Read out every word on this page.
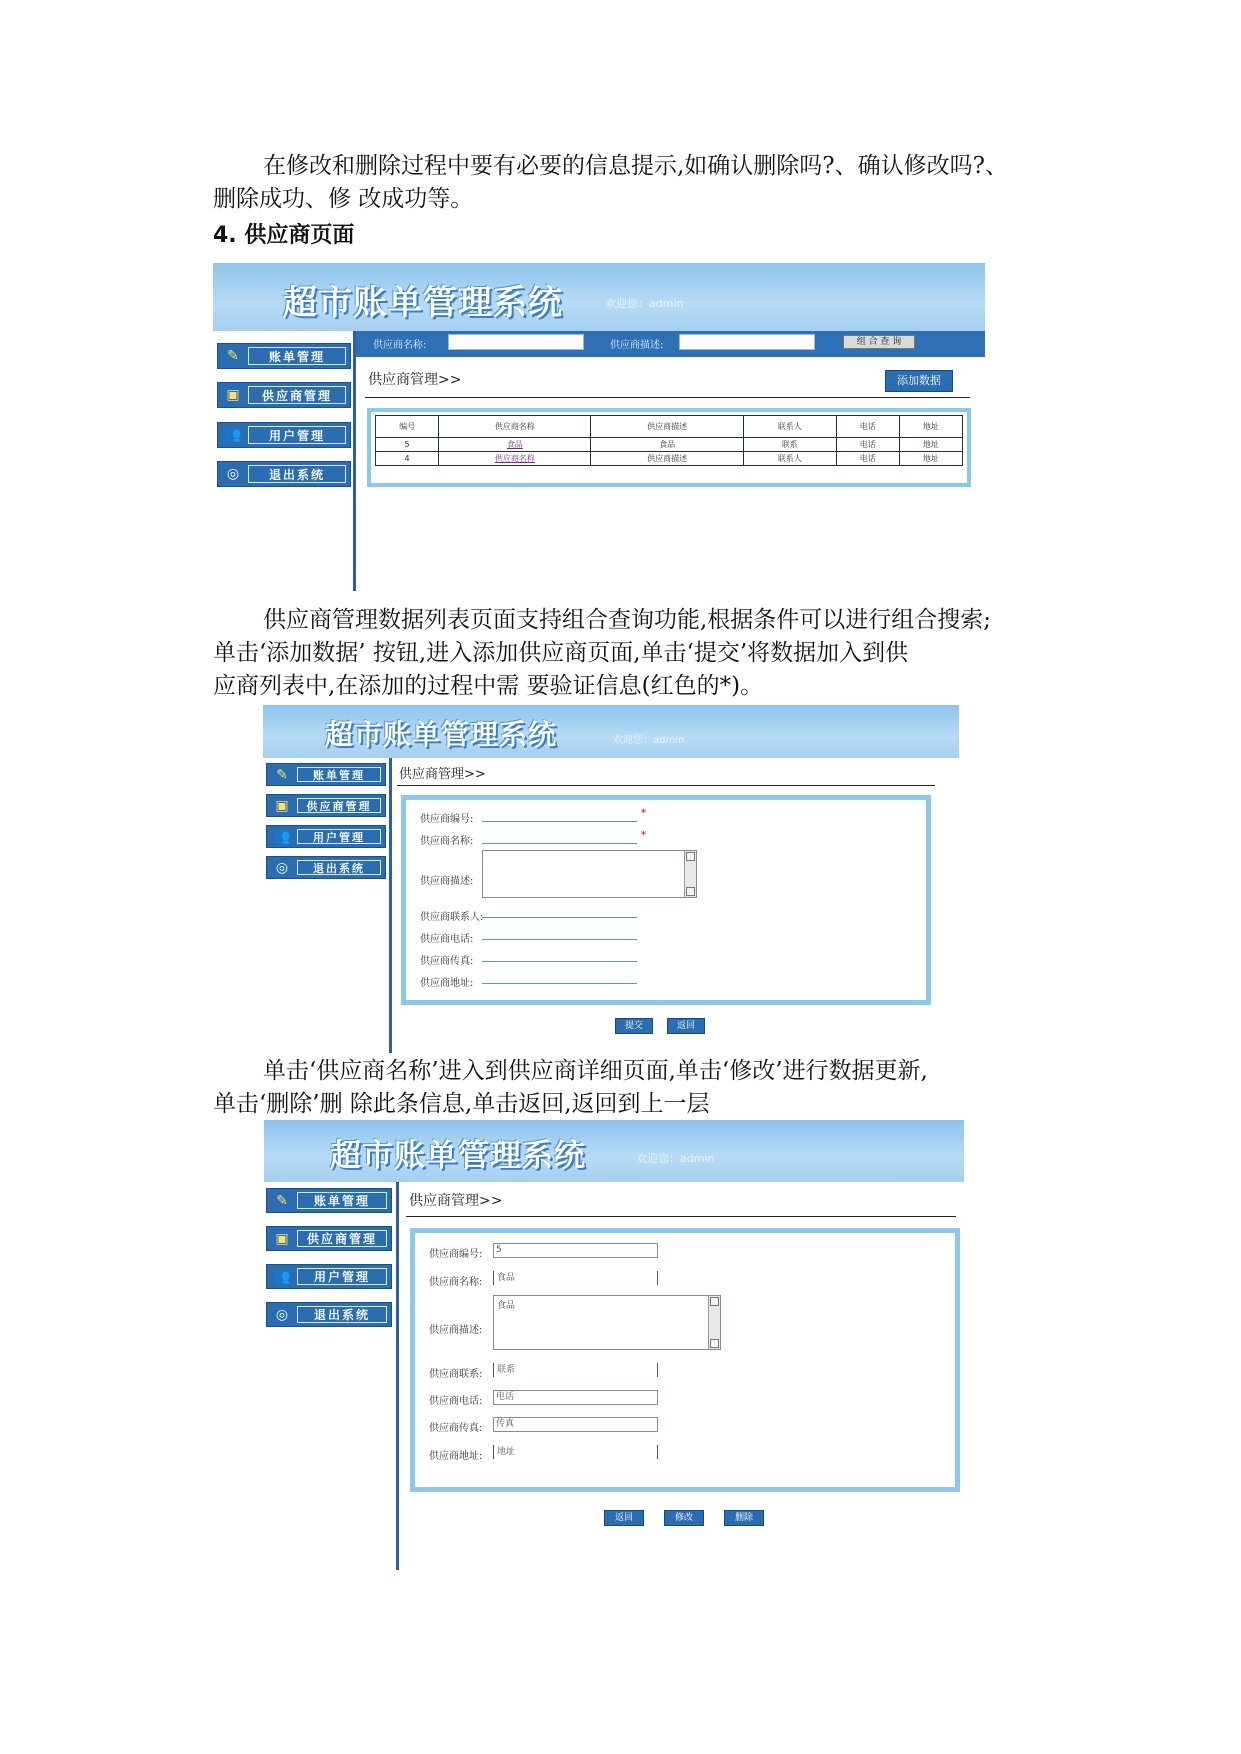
在修改和删除过程中要有必要的信息提示,如确认删除吗?、确认修改吗?、
删除成功、修 改成功等。
4. 供应商页面
超市账单管理系统	欢迎您：admin
供应商名称:	供应商描述:	组 合 查 询
✎	账单管理
▣	供应商管理
👥	用户管理
◎	退出系统
供应商管理>>	添加数据
编号	供应商名称	供应商描述	联系人	电话	地址
5	食品	食品	联系	电话	地址
4	供应商名称	供应商描述	联系人	电话	地址
供应商管理数据列表页面支持组合查询功能,根据条件可以进行组合搜索;
单击‘添加数据’ 按钮,进入添加供应商页面,单击‘提交’将数据加入到供
应商列表中,在添加的过程中需 要验证信息(红色的*)。
超市账单管理系统	欢迎您：admin
✎	账单管理
▣	供应商管理
👥	用户管理
◎	退出系统
供应商管理>>
供应商编号:
*
供应商名称:
*
供应商描述:
供应商联系人:
供应商电话:
供应商传真:
供应商地址:
提交	返回
单击‘供应商名称’进入到供应商详细页面,单击‘修改’进行数据更新,
单击‘删除’删 除此条信息,单击返回,返回到上一层
超市账单管理系统	欢迎您：admin
✎	账单管理
▣	供应商管理
👥	用户管理
◎	退出系统
供应商管理>>
供应商编号:	5
供应商名称:	食品
供应商描述:
食品
供应商联系:	联系
供应商电话:	电话
供应商传真:	传真
供应商地址:	地址
返回	修改	删除
